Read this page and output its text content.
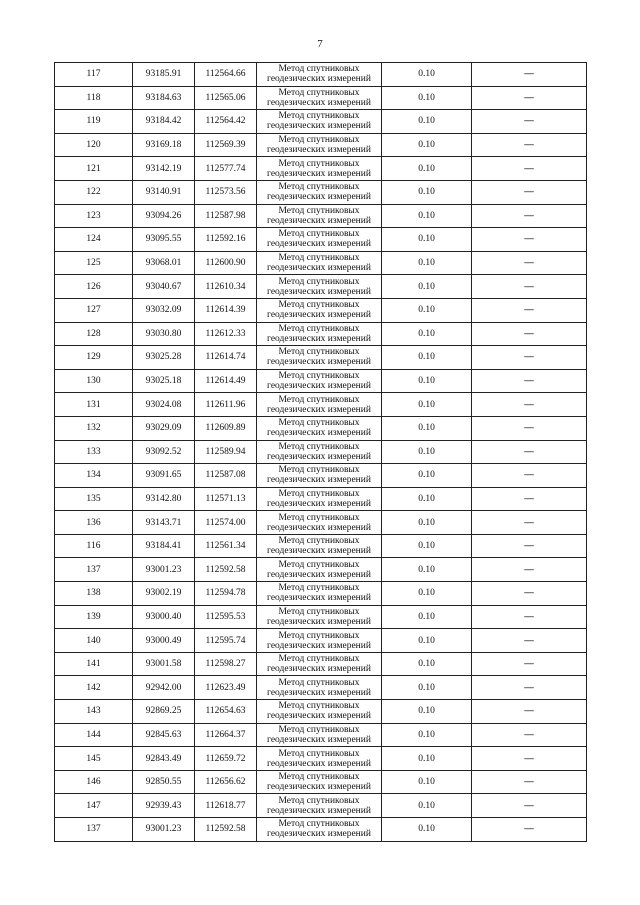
7
117	93185.91	112564.66	Метод спутниковых
геодезических измерений	0.10	—
118	93184.63	112565.06	Метод спутниковых
геодезических измерений	0.10	—
119	93184.42	112564.42	Метод спутниковых
геодезических измерений	0.10	—
120	93169.18	112569.39	Метод спутниковых
геодезических измерений	0.10	—
121	93142.19	112577.74	Метод спутниковых
геодезических измерений	0.10	—
122	93140.91	112573.56	Метод спутниковых
геодезических измерений	0.10	—
123	93094.26	112587.98	Метод спутниковых
геодезических измерений	0.10	—
124	93095.55	112592.16	Метод спутниковых
геодезических измерений	0.10	—
125	93068.01	112600.90	Метод спутниковых
геодезических измерений	0.10	—
126	93040.67	112610.34	Метод спутниковых
геодезических измерений	0.10	—
127	93032.09	112614.39	Метод спутниковых
геодезических измерений	0.10	—
128	93030.80	112612.33	Метод спутниковых
геодезических измерений	0.10	—
129	93025.28	112614.74	Метод спутниковых
геодезических измерений	0.10	—
130	93025.18	112614.49	Метод спутниковых
геодезических измерений	0.10	—
131	93024.08	112611.96	Метод спутниковых
геодезических измерений	0.10	—
132	93029.09	112609.89	Метод спутниковых
геодезических измерений	0.10	—
133	93092.52	112589.94	Метод спутниковых
геодезических измерений	0.10	—
134	93091.65	112587.08	Метод спутниковых
геодезических измерений	0.10	—
135	93142.80	112571.13	Метод спутниковых
геодезических измерений	0.10	—
136	93143.71	112574.00	Метод спутниковых
геодезических измерений	0.10	—
116	93184.41	112561.34	Метод спутниковых
геодезических измерений	0.10	—
137	93001.23	112592.58	Метод спутниковых
геодезических измерений	0.10	—
138	93002.19	112594.78	Метод спутниковых
геодезических измерений	0.10	—
139	93000.40	112595.53	Метод спутниковых
геодезических измерений	0.10	—
140	93000.49	112595.74	Метод спутниковых
геодезических измерений	0.10	—
141	93001.58	112598.27	Метод спутниковых
геодезических измерений	0.10	—
142	92942.00	112623.49	Метод спутниковых
геодезических измерений	0.10	—
143	92869.25	112654.63	Метод спутниковых
геодезических измерений	0.10	—
144	92845.63	112664.37	Метод спутниковых
геодезических измерений	0.10	—
145	92843.49	112659.72	Метод спутниковых
геодезических измерений	0.10	—
146	92850.55	112656.62	Метод спутниковых
геодезических измерений	0.10	—
147	92939.43	112618.77	Метод спутниковых
геодезических измерений	0.10	—
137	93001.23	112592.58	Метод спутниковых
геодезических измерений	0.10	—
